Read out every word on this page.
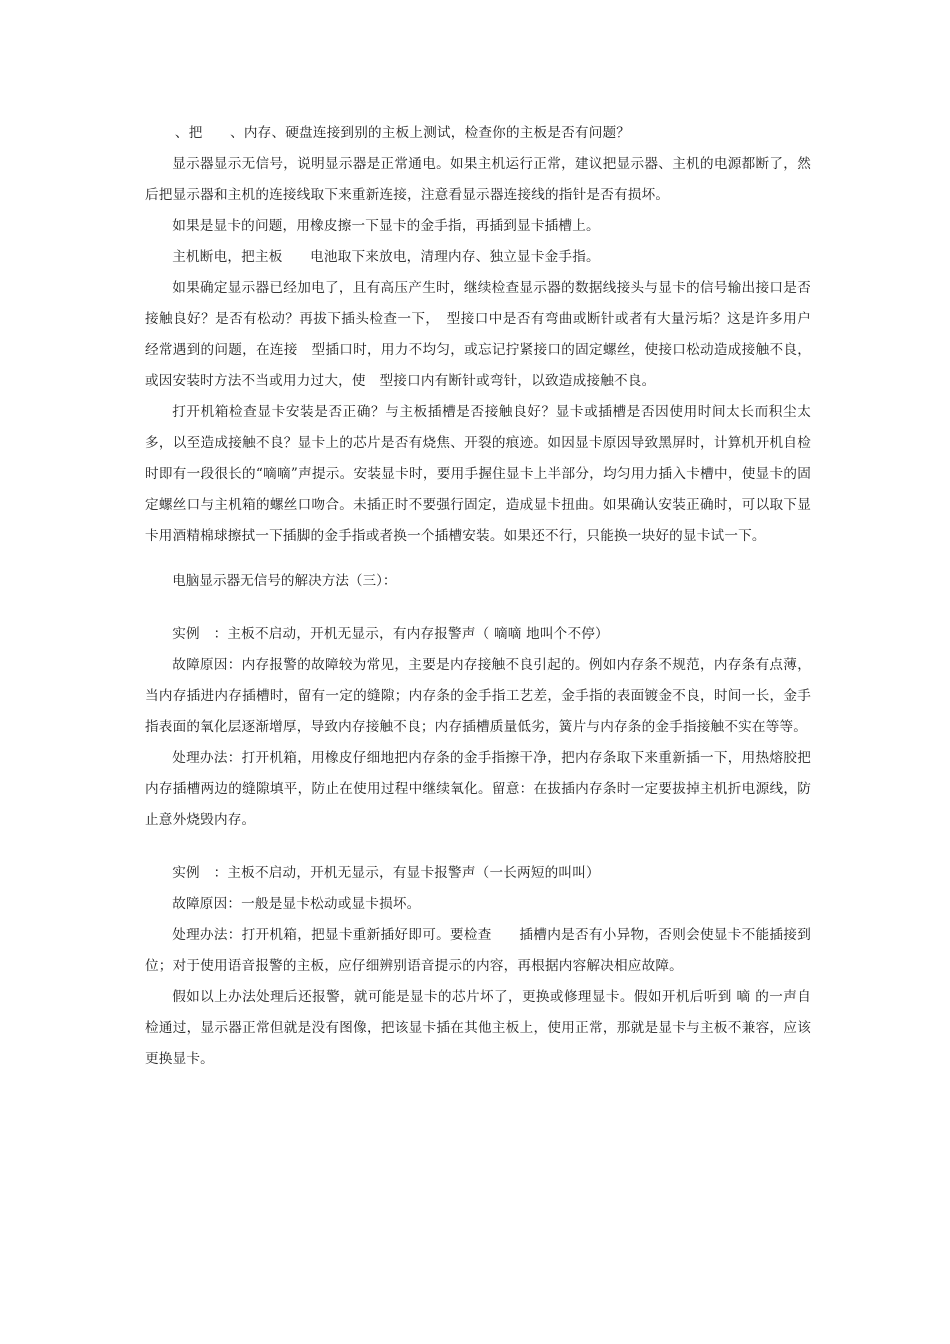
、把　　、内存、硬盘连接到别的主板上测试，检查你的主板是否有问题？

显示器显示无信号，说明显示器是正常通电。如果主机运行正常，建议把显示器、主机的电源都断了，然后把显示器和主机的连接线取下来重新连接，注意看显示器连接线的指针是否有损坏。

如果是显卡的问题，用橡皮擦一下显卡的金手指，再插到显卡插槽上。

主机断电，把主板　　电池取下来放电，清理内存、独立显卡金手指。

如果确定显示器已经加电了，且有高压产生时，继续检查显示器的数据线接头与显卡的信号输出接口是否接触良好？是否有松动？再拔下插头检查一下，　型接口中是否有弯曲或断针或者有大量污垢？这是许多用户经常遇到的问题，在连接　型插口时，用力不均匀，或忘记拧紧接口的固定螺丝，使接口松动造成接触不良，或因安装时方法不当或用力过大，使　型接口内有断针或弯针，以致造成接触不良。

打开机箱检查显卡安装是否正确？与主板插槽是否接触良好？显卡或插槽是否因使用时间太长而积尘太多，以至造成接触不良？显卡上的芯片是否有烧焦、开裂的痕迹。如因显卡原因导致黑屏时，计算机开机自检时即有一段很长的“嘀嘀”声提示。安装显卡时，要用手握住显卡上半部分，均匀用力插入卡槽中，使显卡的固定螺丝口与主机箱的螺丝口吻合。未插正时不要强行固定，造成显卡扭曲。如果确认安装正确时，可以取下显卡用酒精棉球擦拭一下插脚的金手指或者换一个插槽安装。如果还不行，只能换一块好的显卡试一下。

电脑显示器无信号的解决方法（三）：

实例　：主板不启动，开机无显示，有内存报警声（ 嘀嘀 地叫个不停）

故障原因：内存报警的故障较为常见，主要是内存接触不良引起的。例如内存条不规范，内存条有点薄，当内存插进内存插槽时，留有一定的缝隙；内存条的金手指工艺差，金手指的表面镀金不良，时间一长，金手指表面的氧化层逐渐增厚，导致内存接触不良；内存插槽质量低劣，簧片与内存条的金手指接触不实在等等。

处理办法：打开机箱，用橡皮仔细地把内存条的金手指擦干净，把内存条取下来重新插一下，用热熔胶把内存插槽两边的缝隙填平，防止在使用过程中继续氧化。留意：在拔插内存条时一定要拔掉主机折电源线，防止意外烧毁内存。

实例　：主板不启动，开机无显示，有显卡报警声（一长两短的叫叫）

故障原因：一般是显卡松动或显卡损坏。

处理办法：打开机箱，把显卡重新插好即可。要检查　　插槽内是否有小异物，否则会使显卡不能插接到位；对于使用语音报警的主板，应仔细辨别语音提示的内容，再根据内容解决相应故障。

假如以上办法处理后还报警，就可能是显卡的芯片坏了，更换或修理显卡。假如开机后听到 嘀 的一声自检通过，显示器正常但就是没有图像，把该显卡插在其他主板上，使用正常，那就是显卡与主板不兼容，应该更换显卡。
